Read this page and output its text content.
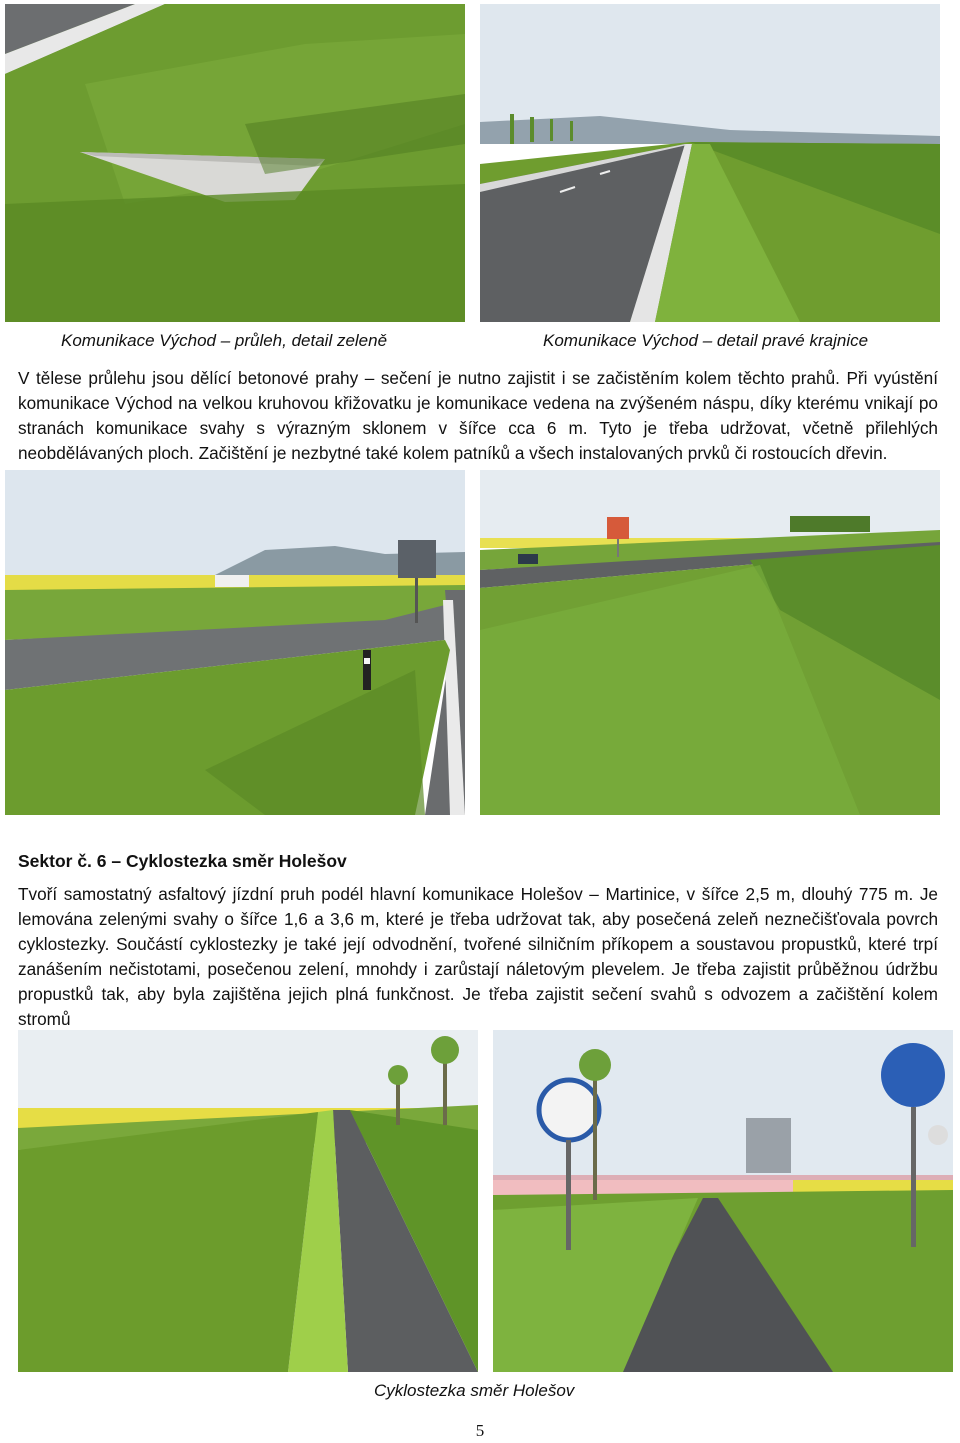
Komunikace Východ – průleh, detail zeleně	Komunikace Východ – detail pravé krajnice

V tělese průlehu jsou dělící betonové prahy – sečení je nutno zajistit i se začistěním kolem těchto prahů. Při vyústění komunikace Východ na velkou kruhovou křižovatku je komunikace vedena na zvýšeném náspu, díky kterému vnikají po stranách komunikace svahy s výrazným sklonem v šířce cca 6 m. Tyto je třeba udržovat, včetně přilehlých neobdělávaných ploch. Začištění je nezbytné také kolem patníků a všech instalovaných prvků či rostoucích dřevin.

Sektor č. 6 – Cyklostezka směr Holešov

Tvoří samostatný asfaltový jízdní pruh podél hlavní komunikace Holešov – Martinice, v šířce 2,5 m, dlouhý 775 m. Je lemována zelenými svahy o šířce 1,6 a 3,6 m, které je třeba udržovat tak, aby posečená zeleň neznečišťovala povrch cyklostezky. Součástí cyklostezky je také její odvodnění, tvořené silničním příkopem a soustavou propustků, které trpí zanášením nečistotami, posečenou zelení, mnohdy i zarůstají náletovým plevelem. Je třeba zajistit průběžnou údržbu propustků tak, aby byla zajištěna jejich plná funkčnost. Je třeba zajistit sečení svahů s odvozem a začištění kolem stromů

Cyklostezka směr Holešov
5
